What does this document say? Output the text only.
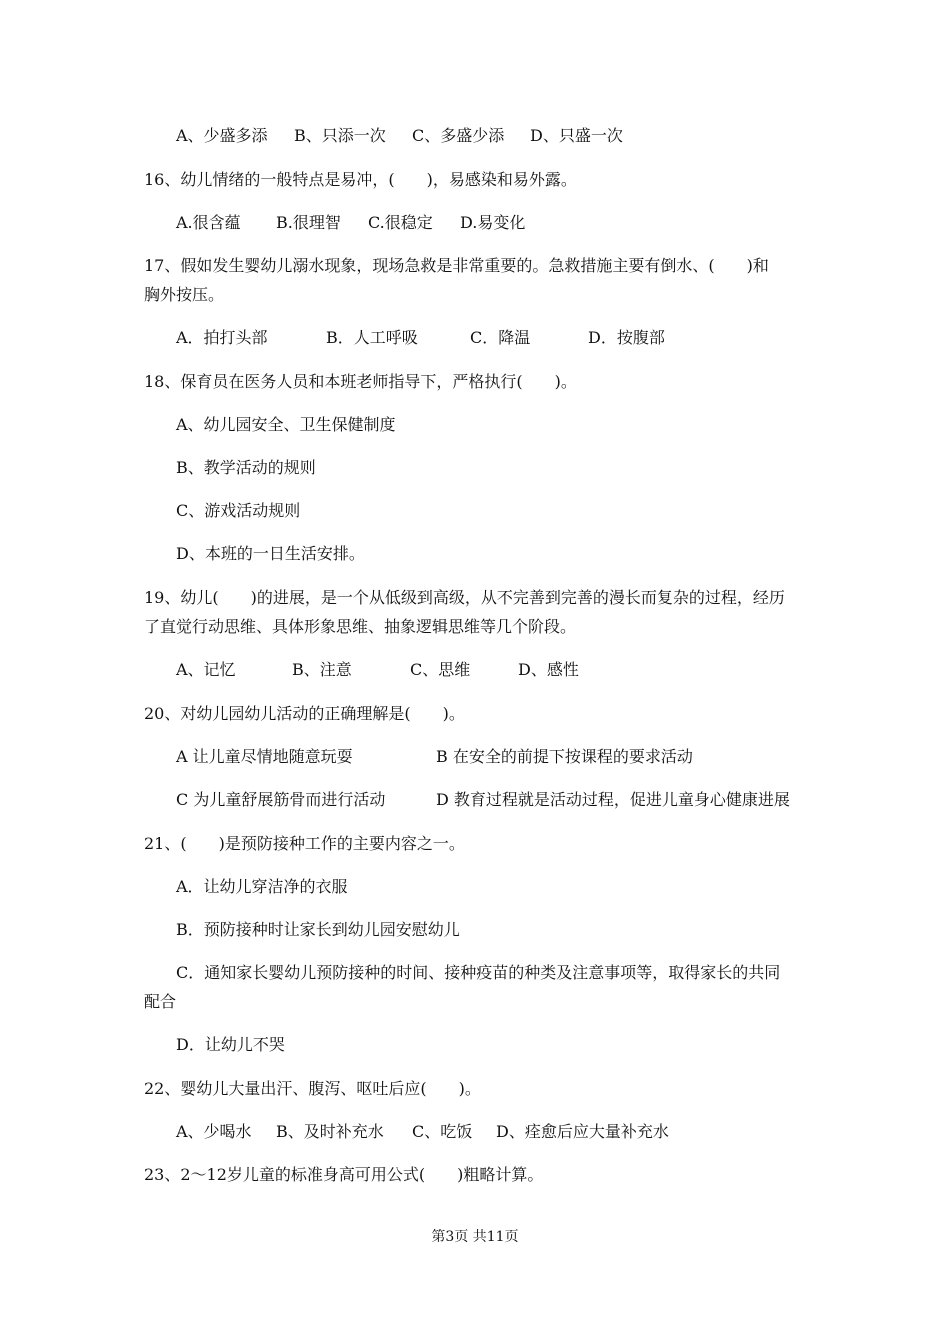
A、少盛多添 B、只添一次 C、多盛少添 D、只盛一次
16、幼儿情绪的一般特点是易冲，(　　)，易感染和易外露。
A.很含蕴 B.很理智 C.很稳定 D.易变化
17、假如发生婴幼儿溺水现象，现场急救是非常重要的。急救措施主要有倒水、(　　)和
胸外按压。
A．拍打头部	B．人工呼吸	C．降温	D．按腹部
18、保育员在医务人员和本班老师指导下，严格执行(　　)。
A、幼儿园安全、卫生保健制度
B、教学活动的规则
C、游戏活动规则
D、本班的一日生活安排。
19、幼儿(　　)的进展，是一个从低级到高级，从不完善到完善的漫长而复杂的过程，经历
了直觉行动思维、具体形象思维、抽象逻辑思维等几个阶段。
A、记忆	B、注意	C、思维	D、感性
20、对幼儿园幼儿活动的正确理解是(　　)。
A 让儿童尽情地随意玩耍	B 在安全的前提下按课程的要求活动
C 为儿童舒展筋骨而进行活动	D 教育过程就是活动过程，促进儿童身心健康进展
21、(　　)是预防接种工作的主要内容之一。
A．让幼儿穿洁净的衣服
B．预防接种时让家长到幼儿园安慰幼儿
C．通知家长婴幼儿预防接种的时间、接种疫苗的种类及注意事项等，取得家长的共同
配合
D．让幼儿不哭
22、婴幼儿大量出汗、腹泻、呕吐后应(　　)。
A、少喝水 B、及时补充水 C、吃饭 D、痊愈后应大量补充水
23、2～12岁儿童的标准身高可用公式(　　)粗略计算。
第3页 共11页
